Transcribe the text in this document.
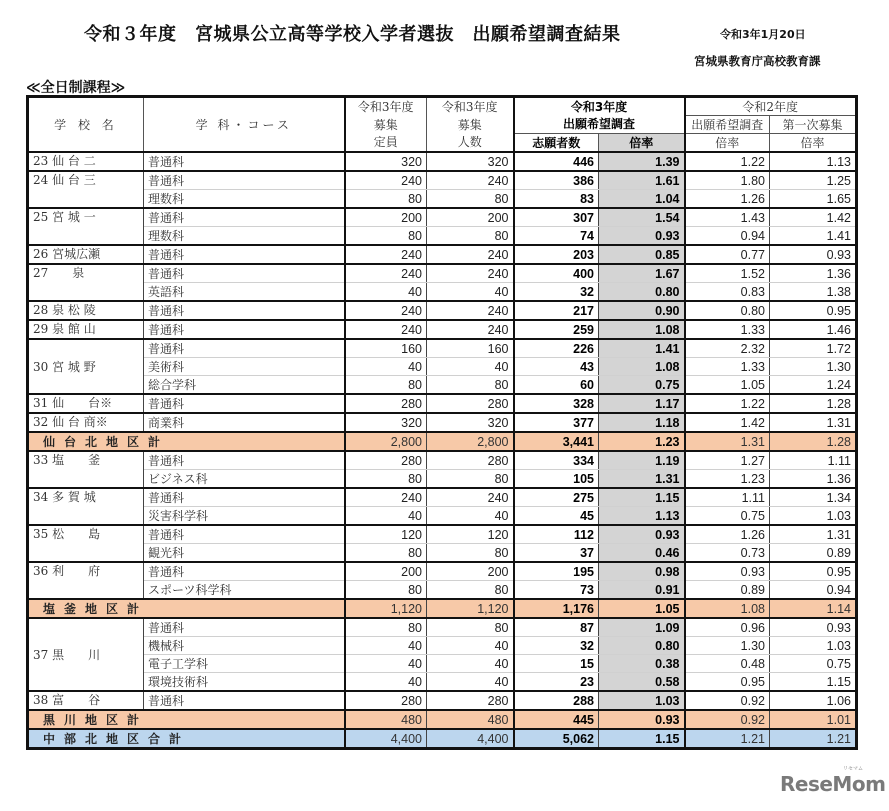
令和３年度　宮城県公立高等学校入学者選抜　出願希望調査結果	令和3年1月20日
宮城県教育庁高校教育課
≪全日制課程≫
学 校 名	学 科・コース	令和3年度	令和3年度	令和3年度		令和2年度	
		募集	募集	出願希望調査		出願希望調査	第一次募集
		定員	人数	志願者数	倍率	倍率	倍率
23 仙 台 二	普通科	320	320	446	1.39	1.22	1.13
24 仙 台 三	普通科	240	240	386	1.61	1.80	1.25
	理数科	80	80	83	1.04	1.26	1.65
25 宮 城 一	普通科	200	200	307	1.54	1.43	1.42
	理数科	80	80	74	0.93	0.94	1.41
26 宮城広瀬	普通科	240	240	203	0.85	0.77	0.93
27　　泉	普通科	240	240	400	1.67	1.52	1.36
	英語科	40	40	32	0.80	0.83	1.38
28 泉 松 陵	普通科	240	240	217	0.90	0.80	0.95
29 泉 館 山	普通科	240	240	259	1.08	1.33	1.46
30 宮 城 野	普通科	160	160	226	1.41	2.32	1.72
	美術科	40	40	43	1.08	1.33	1.30
	総合学科	80	80	60	0.75	1.05	1.24
31 仙　　台※	普通科	280	280	328	1.17	1.22	1.28
32 仙 台 商※	商業科	320	320	377	1.18	1.42	1.31
仙台北地区計		2,800	2,800	3,441	1.23	1.31	1.28
33 塩　　釜	普通科	280	280	334	1.19	1.27	1.11
	ビジネス科	80	80	105	1.31	1.23	1.36
34 多 賀 城	普通科	240	240	275	1.15	1.11	1.34
	災害科学科	40	40	45	1.13	0.75	1.03
35 松　　島	普通科	120	120	112	0.93	1.26	1.31
	観光科	80	80	37	0.46	0.73	0.89
36 利　　府	普通科	200	200	195	0.98	0.93	0.95
	スポーツ科学科	80	80	73	0.91	0.89	0.94
塩釜地区計		1,120	1,120	1,176	1.05	1.08	1.14
37 黒　　川	普通科	80	80	87	1.09	0.96	0.93
	機械科	40	40	32	0.80	1.30	1.03
	電子工学科	40	40	15	0.38	0.48	0.75
	環境技術科	40	40	23	0.58	0.95	1.15
38 富　　谷	普通科	280	280	288	1.03	0.92	1.06
黒川地区計		480	480	445	0.93	0.92	1.01
中部北地区合計		4,400	4,400	5,062	1.15	1.21	1.21
ReseMom
リセマム
